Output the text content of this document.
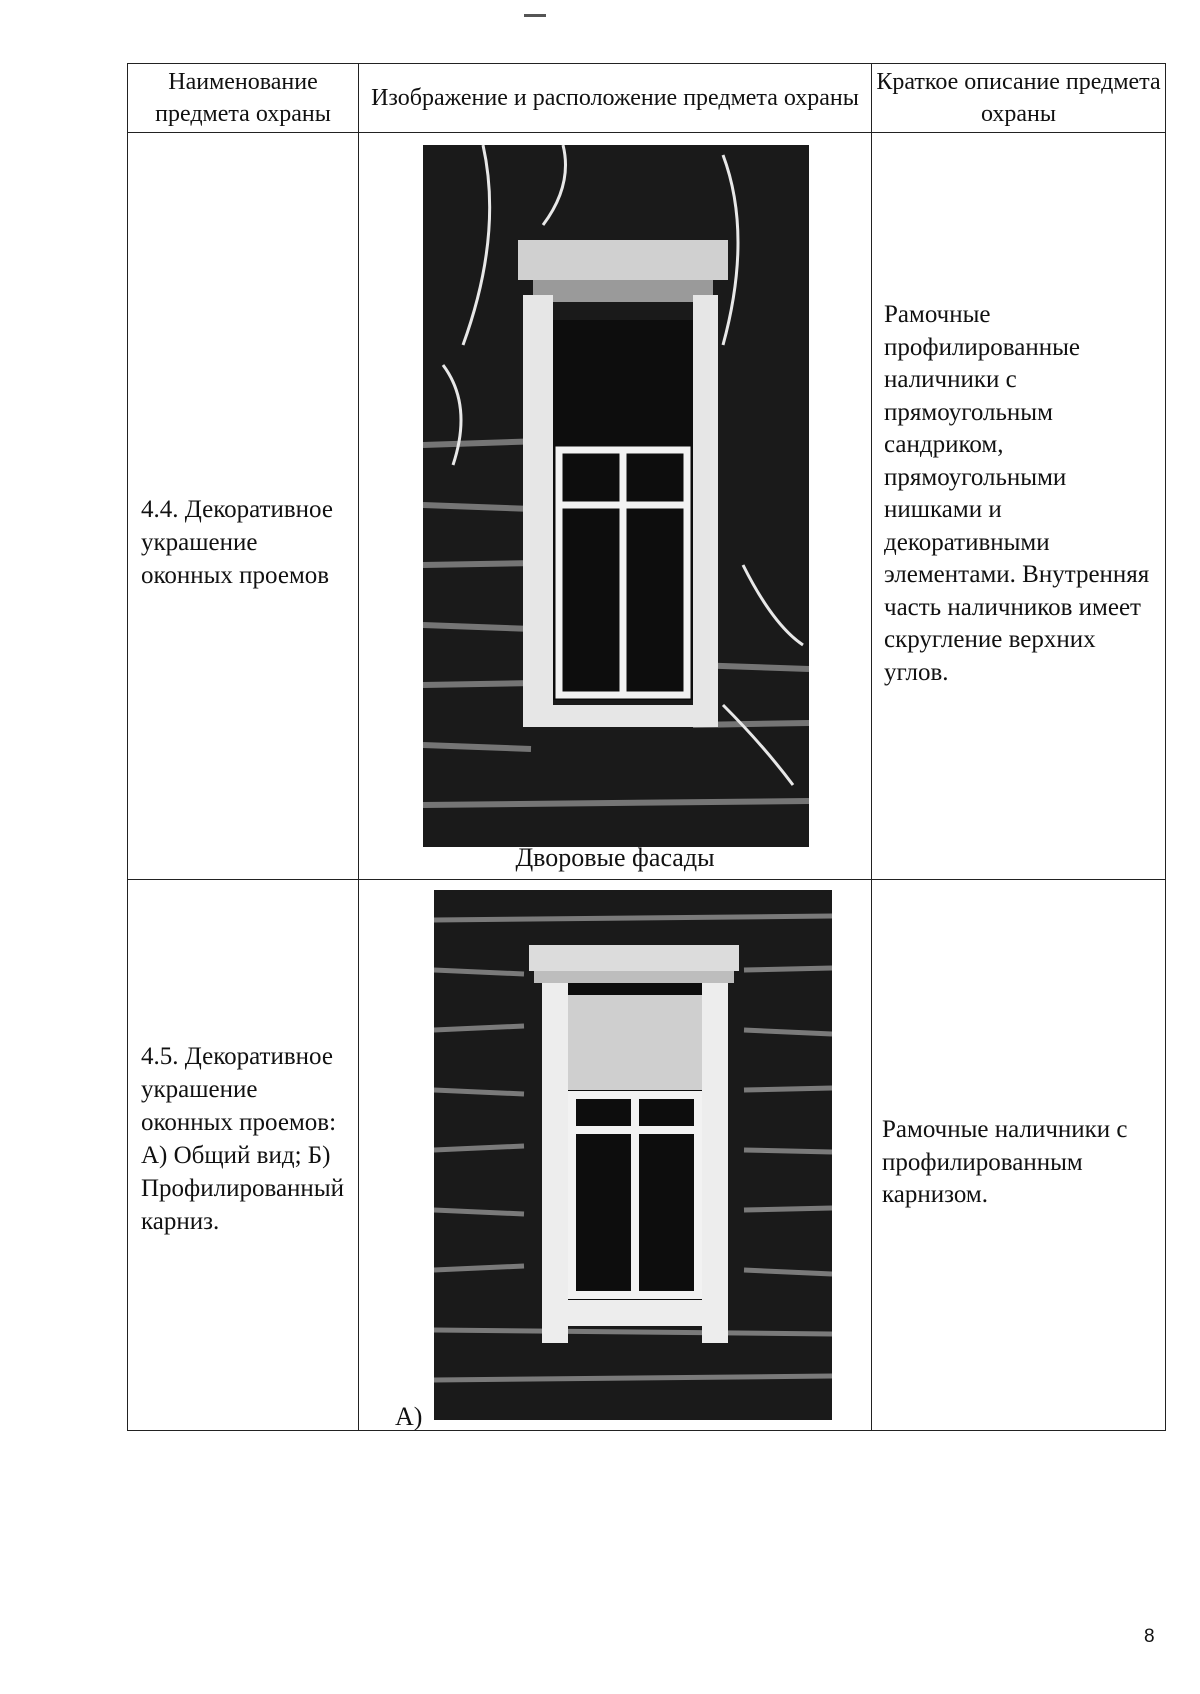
Наименование предмета охраны	Изображение и расположение предмета охраны	Краткое описание предмета охраны

4.4. Декоративное украшение оконных проемов	Дворовые фасады	Рамочные профилированные наличники с прямоугольным сандриком, прямоугольными нишками и декоративными элементами. Внутренняя часть наличников имеет скругление верхних углов.

4.5. Декоративное украшение оконных проемов: А) Общий вид; Б) Профилированный карниз.	А)	Рамочные наличники с профилированным карнизом.
8
